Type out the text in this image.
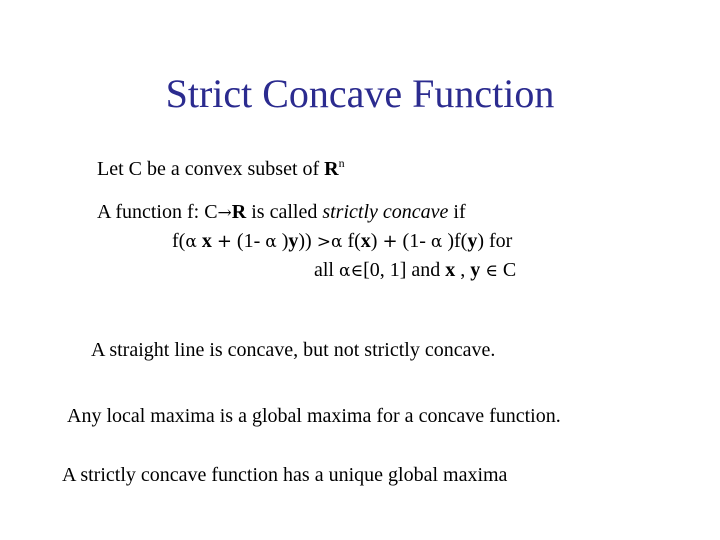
Strict Concave Function
Let C be a convex subset of $R^n$
A function f: C→R is called strictly concave if
f(α x + (1- α )y)) >α f(x) + (1- α )f(y) for
all α∈[0, 1] and x , y ∈ C
A straight line is concave, but not strictly concave.
Any local maxima is a global maxima for a concave function.
A strictly concave function has a unique global maxima
